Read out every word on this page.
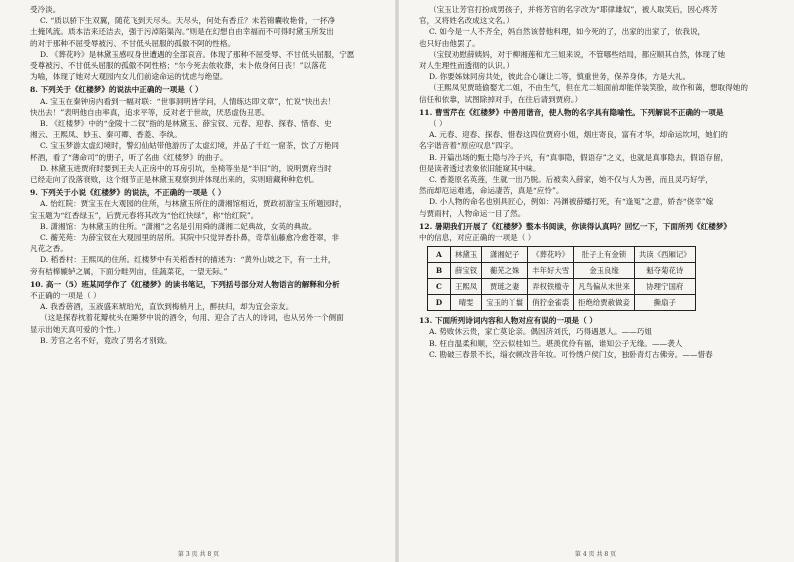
受冷淡。
C. “质以骄下生双翼，随花飞到天尽头。天尽头，何处有香丘？未若锦囊收艳骨，一抔净
土掩风流。质本洁来还洁去，强于污淖陷渠沟。”则是在幻想自由幸福而不可得时黛玉所发出
的对于那种不屈受辱被污、不甘低头屈服的孤傲不阿的性格。
D. 《葬花吟》是林黛玉感叹身世遭遇的全部哀音。体现了那种不屈受辱、不甘低头屈服，宁愿
受尊被污、不甘低头屈服的孤傲不阿性格；“尔今死去侬收葬，未卜侬身何日丧！”以落花
为喻，体现了她对大观园内女儿们前途命运的忧虑与绝望。
8. 下列关于《红楼梦》的说法中正确的一项是（ ）
A. 宝玉在秦钟房内看到一幅对联：“世事洞明皆学问，人情练达即文章”，忙说“快出去！
快出去！”表明他自由率真，追求平等，反对老于世故，厌恶虚伪丑恶。
B. 《红楼梦》中的“金陵十二钗”指的是林黛玉、薛宝钗、元春、迎春、探春、惜春、史
湘云、王熙凤、妙玉、秦可卿、香菱、李纨。
C. 宝玉梦游太虚幻境时，警幻仙姑带他游历了太虚幻境，并品了千红一窟茶，饮了万艳同
杯酒，看了“薄命司”的册子，听了名曲《红楼梦》的曲子。
D. 林黛玉进贾府时要到王夫人正房中的耳房引坑，坐椅等坐是“半旧”的，说明贾府当时
已经走向了没落衰败，这个细节正是林黛玉观察到并体现出来的，实则暗藏种种危机。
9. 下列关于小说《红楼梦》的说法，不正确的一项是（ ）
A. 怡红院：贾宝玉在大观园的住所，与林黛玉所住的潇湘馆相近，贾政初游宝玉所题园时，
宝玉题为“红香绿玉”，后贾元春将其改为“怡红快绿”，称“怡红院”。
B. 潇湘馆：为林黛玉的住所。“潇湘”之名是引用舜的潇湘二妃典故，女英的典故。
C. 蘅芜苑：为薛宝钗在大观园里的居所。其院中只觉异香扑鼻，奇草仙藤愈冷愈苍翠，非
凡花之香。
D. 稻香村：王熙凤的住所。红楼梦中有关稻香村的描述为：“黄外山坡之下，有一土井，
旁有桔槔辘轳之属，下面分畦列亩，佳蔬菜花，一望无际。”
10. 高一（5）班某同学作了《红楼梦》的读书笔记，下列括号部分对人物语言的解释和分析
不正确的一项是（ ）
A. 我香蓓酒，玉液盛来琥珀光，直饮到梅梢月上，醉扶归，却为宜会亲友。
（这是探春枕着花瓣枕头在睡梦中说的酒令，句用、迎合了古人的诗词，也从另外一个侧面
显示出她天真可爱的个性。）
B. 芳官之名不好，竟改了男名才别致。
第 3 页 共 8 页
（宝玉让芳官打扮成男孩子，并将芳官的名字改为“耶律雄奴”，被人取笑后，因心疼芳
官，又将姓名改成这文名。）
C. 如今是一人不齐全，妈自然该替他料理，如今死的了，出家的出家了，依我说，
也只好由他罢了。
（宝钗劝慰薛姨妈，对于柳湘莲和尤三姐来说，不管哪些结局，都应顺其自然，体现了她
对人生理性而透彻的认识。）
D. 你要姊妹同房共处，彼此合心谦让二等，慎重世务，保养身体，方是大礼。
（王熙凤见贾琏偷娶尤二姐，不由生气，但在尤二姐面前却能佯装笑脸，故作和蔼，想取得她的
信任和依靠，试图除掉对手，在往后请到贾府。）
11. 曹雪芹在《红楼梦》中善用谐音，使人物的名字具有隐喻性。下列解说不正确的一项是
（ ）
A. 元春、迎春、探春、惜春这四位贾府小姐，烟庄寄良，富有才华，却命运坎坷，她们的
名字谐音着“原应叹息”四字。
B. 开篇出场的甄士隐与冷子兴，有“真事隐，假语存”之义，也就是真事隐去，假语存留，
但是读者透过表象依旧能窥其中味。
C. 香菱原名英莲，生就一出乃脱。后被卖入薛家，她不仅与人为善，而且灵巧好学，
然而却厄运难逃，命运凄苦，真是“应怜”。
D. 小人物的命名也别具匠心，例如：冯渊被薛蟠打死，有“逢冤”之意，娇杏“侥幸”嫁
与贾雨村，人物命运一目了然。
12. 暑期我们开展了《红楼梦》整本书阅读，你读得认真吗？回忆一下，下面所列《红楼梦》
中的信息，对应正确的一项是（ ）
A	林黛玉	潇湘妃子	《葬花吟》	肚子上有金锁	共读《西厢记》
B	薛宝钗	蘅芜之姝	丰年好大雪	金玉良缘	魁夺菊花诗
C	王熙凤	贾琏之妻	弄权铁槛寺	凡鸟偏从末世来	协理宁国府
D	晴雯	宝玉的丫鬟	俏狞金雀裘	拒绝给贾赦做妾	撕扇子
13. 下面所列诗词内容和人物对应有误的一项是（ ）
A. 势败休云贵，家亡莫论亲。偶因济刘氏，巧得遇恩人。——巧姐
B. 枉自温柔和顺，空云似桂如兰。堪羡优伶有福，谁知公子无缘。——袭人
C. 勘破三春景不长，缁衣顿改昔年妆。可怜绣户侯门女，独卧青灯古佛旁。——惜春
第 4 页 共 8 页
